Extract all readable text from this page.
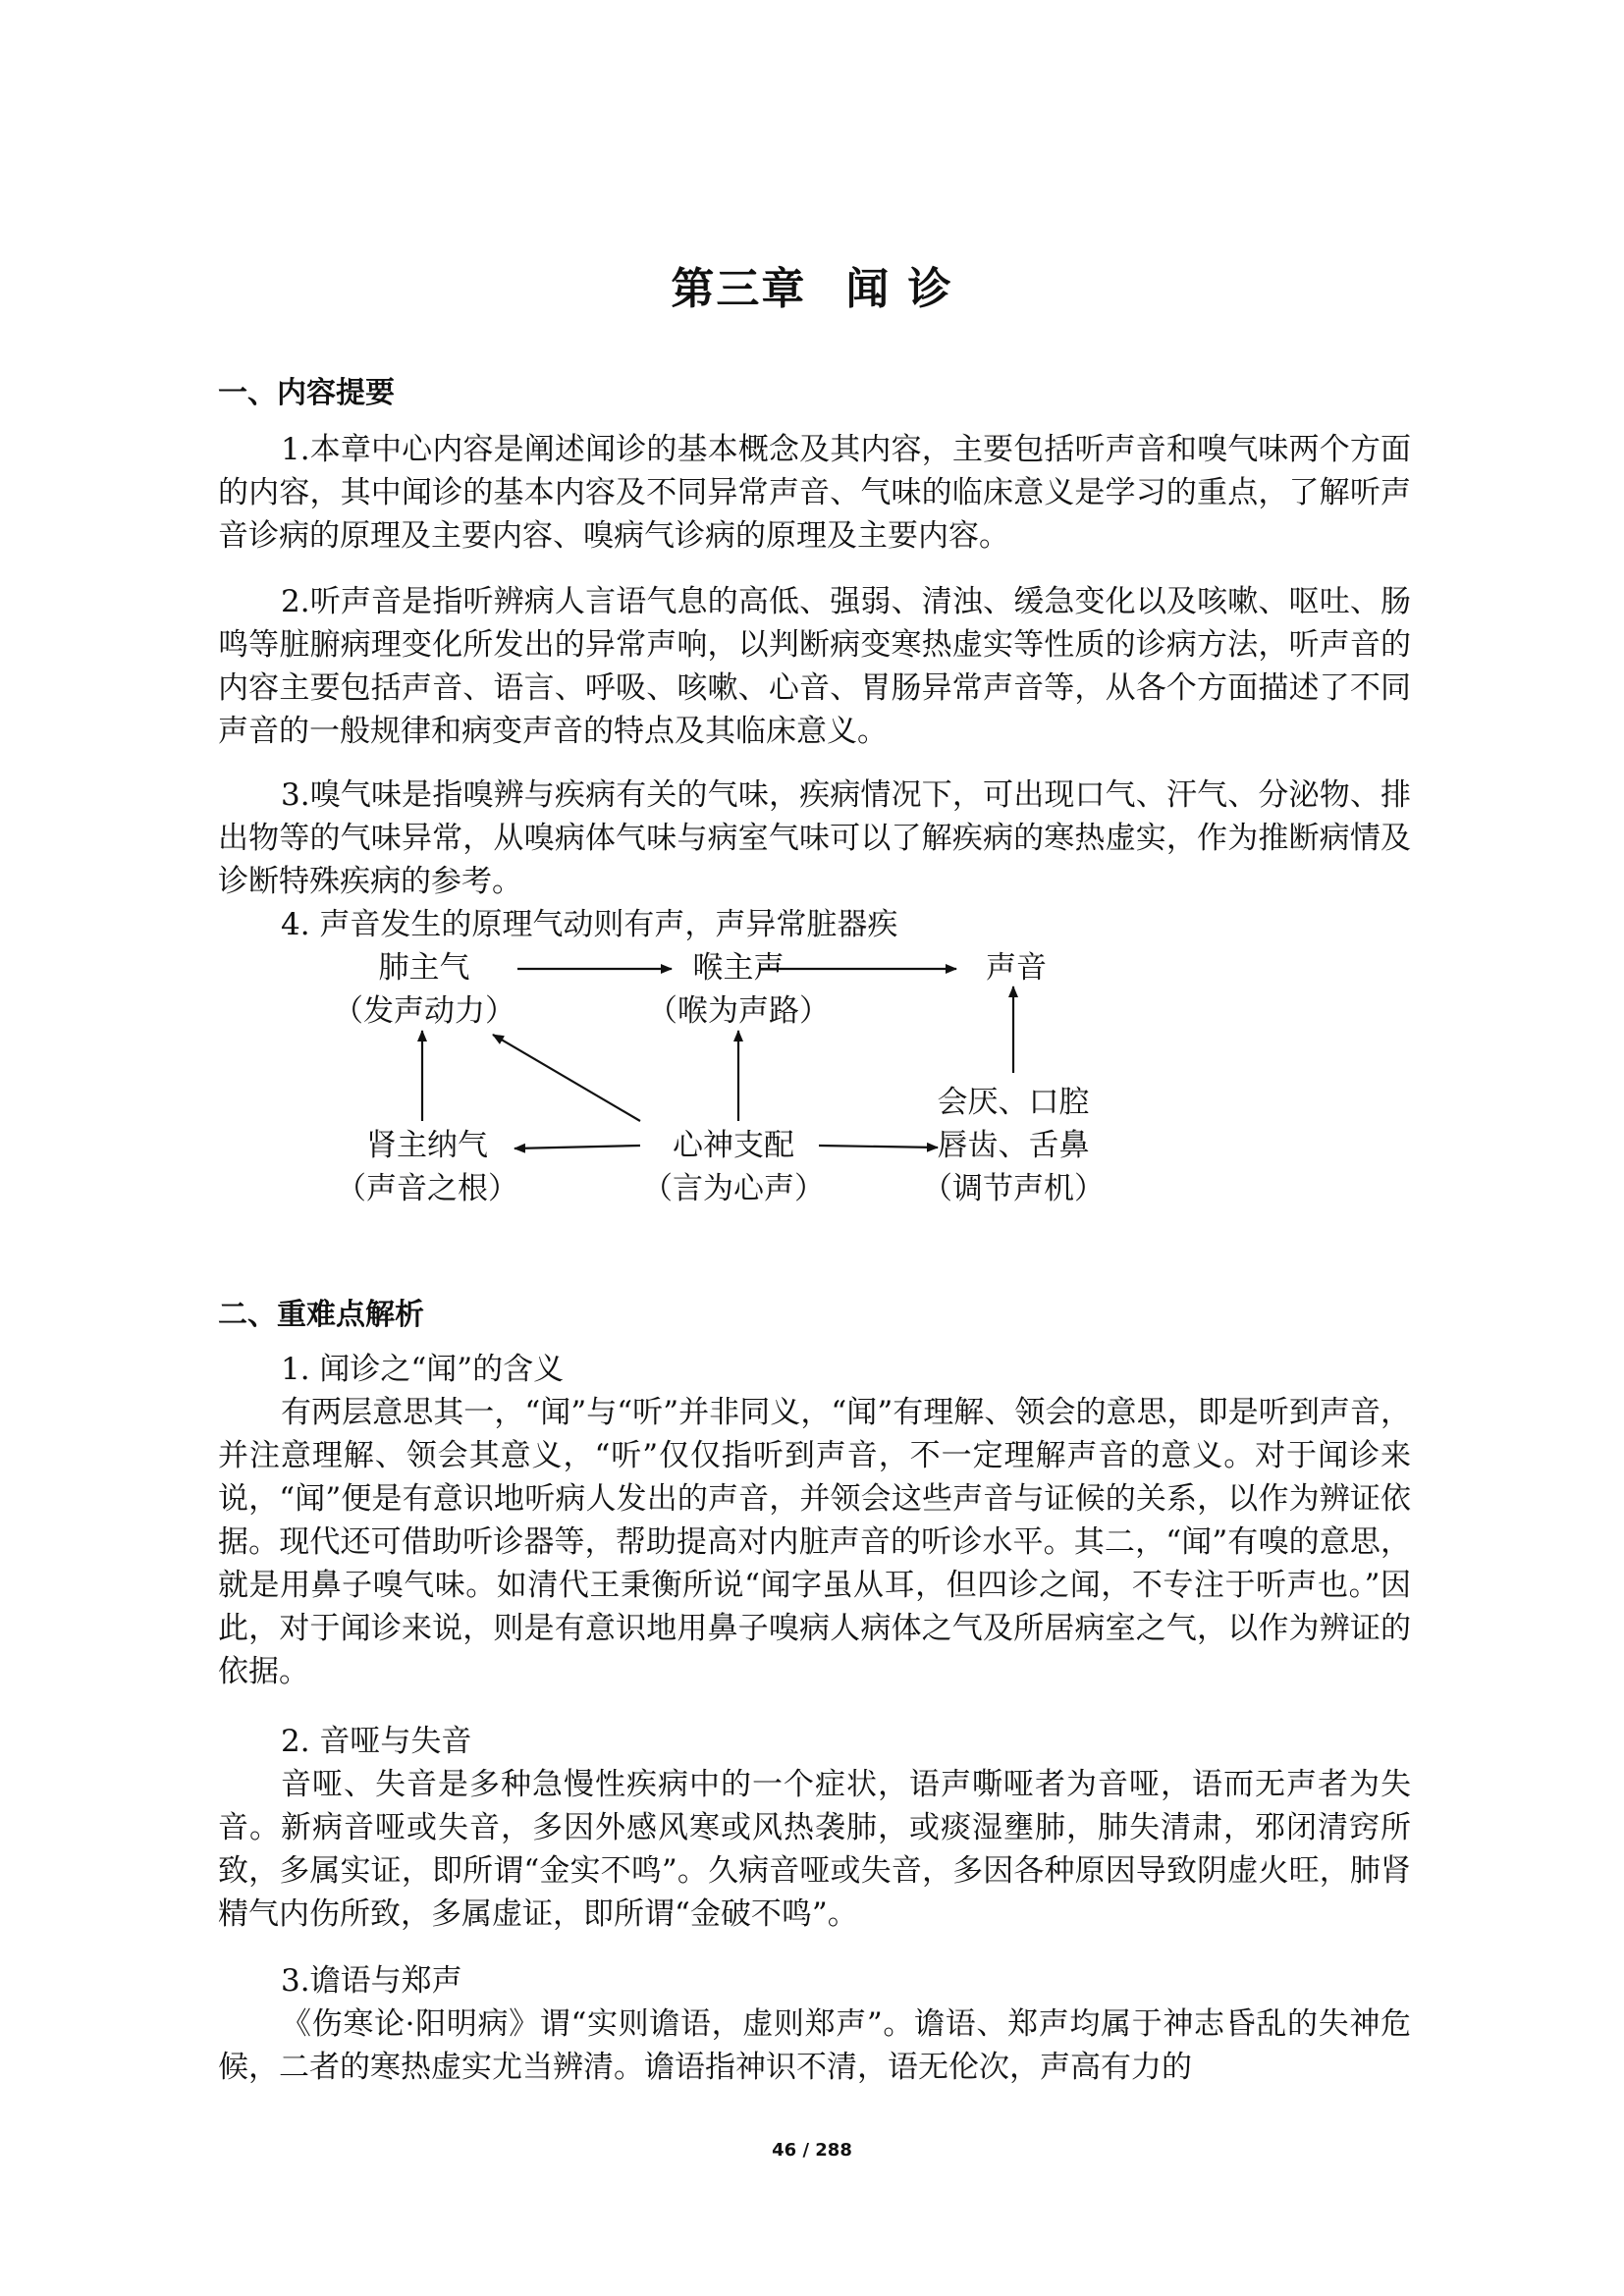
第三章 闻 诊
一、内容提要

1.本章中心内容是阐述闻诊的基本概念及其内容，主要包括听声音和嗅气味两个方面的内容，其中闻诊的基本内容及不同异常声音、气味的临床意义是学习的重点，了解听声音诊病的原理及主要内容、嗅病气诊病的原理及主要内容。

2.听声音是指听辨病人言语气息的高低、强弱、清浊、缓急变化以及咳嗽、呕吐、肠鸣等脏腑病理变化所发出的异常声响，以判断病变寒热虚实等性质的诊病方法，听声音的内容主要包括声音、语言、呼吸、咳嗽、心音、胃肠异常声音等，从各个方面描述了不同声音的一般规律和病变声音的特点及其临床意义。

3.嗅气味是指嗅辨与疾病有关的气味，疾病情况下，可出现口气、汗气、分泌物、排出物等的气味异常，从嗅病体气味与病室气味可以了解疾病的寒热虚实，作为推断病情及诊断特殊疾病的参考。

4. 声音发生的原理气动则有声，声异常脏器疾

肺主气
（发声动力）
喉主声
（喉为声路）
声音
肾主纳气
（声音之根）
心神支配
（言为心声）
会厌、口腔
唇齿、舌鼻
（调节声机）
二、重难点解析

1. 闻诊之“闻”的含义

有两层意思其一，“闻”与“听”并非同义，“闻”有理解、领会的意思，即是听到声音，并注意理解、领会其意义，“听”仅仅指听到声音，不一定理解声音的意义。对于闻诊来说，“闻”便是有意识地听病人发出的声音，并领会这些声音与证候的关系，以作为辨证依据。现代还可借助听诊器等，帮助提高对内脏声音的听诊水平。其二，“闻”有嗅的意思，就是用鼻子嗅气味。如清代王秉衡所说“闻字虽从耳，但四诊之闻，不专注于听声也。”因此，对于闻诊来说，则是有意识地用鼻子嗅病人病体之气及所居病室之气，以作为辨证的依据。

2. 音哑与失音

音哑、失音是多种急慢性疾病中的一个症状，语声嘶哑者为音哑，语而无声者为失音。新病音哑或失音，多因外感风寒或风热袭肺，或痰湿壅肺，肺失清肃，邪闭清窍所致，多属实证，即所谓“金实不鸣”。久病音哑或失音，多因各种原因导致阴虚火旺，肺肾精气内伤所致，多属虚证，即所谓“金破不鸣”。

3.谵语与郑声

《伤寒论·阳明病》谓“实则谵语，虚则郑声”。谵语、郑声均属于神志昏乱的失神危候，二者的寒热虚实尤当辨清。谵语指神识不清，语无伦次，声高有力的

46 / 288
